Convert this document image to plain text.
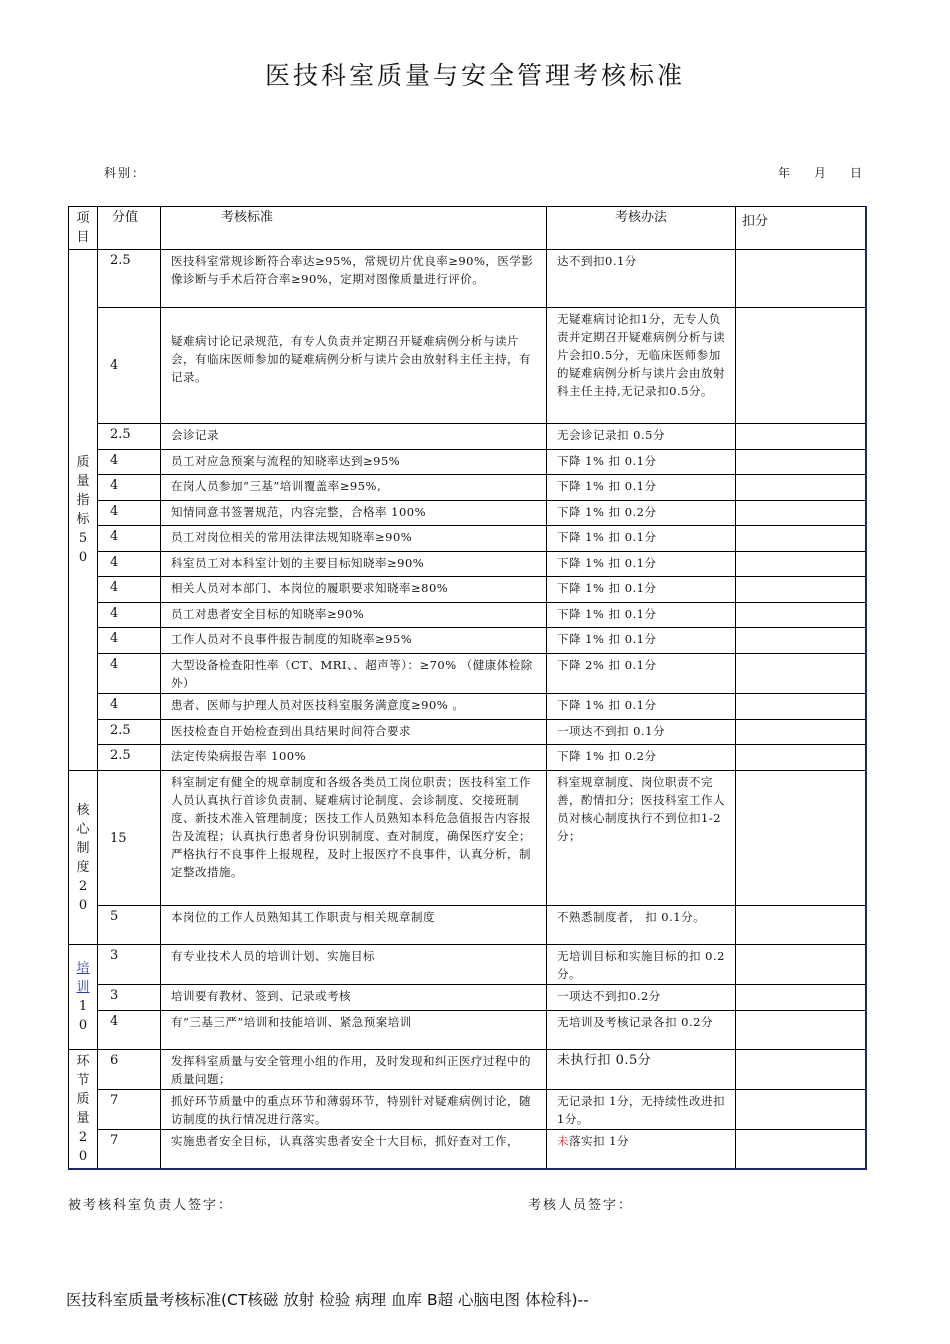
医技科室质量与安全管理考核标准
科别：	年 月 日
项目	分值	考核标准	考核办法	扣分
质量指标50	2.5	医技科室常规诊断符合率达≥95%，常规切片优良率≥90%，医学影像诊断与手术后符合率≥90%，定期对图像质量进行评价。	达不到扣0.1分	
	4	疑难病讨论记录规范，有专人负责并定期召开疑难病例分析与读片会，有临床医师参加的疑难病例分析与读片会由放射科主任主持，有记录。	无疑难病讨论扣1分，无专人负责并定期召开疑难病例分析与读片会扣0.5分，无临床医师参加的疑难病例分析与读片会由放射科主任主持,无记录扣0.5分。	
	2.5	会诊记录	无会诊记录扣 0.5分	
	4	员工对应急预案与流程的知晓率达到≥95%	下降 1% 扣 0.1分	
	4	在岗人员参加“三基”培训覆盖率≥95%,	下降 1% 扣 0.1分	
	4	知情同意书签署规范，内容完整，合格率 100%	下降 1% 扣 0.2分	
	4	员工对岗位相关的常用法律法规知晓率≥90%	下降 1% 扣 0.1分	
	4	科室员工对本科室计划的主要目标知晓率≥90%	下降 1% 扣 0.1分	
	4	相关人员对本部门、本岗位的履职要求知晓率≥80%	下降 1% 扣 0.1分	
	4	员工对患者安全目标的知晓率≥90%	下降 1% 扣 0.1分	
	4	工作人员对不良事件报告制度的知晓率≥95%	下降 1% 扣 0.1分	
	4	大型设备检查阳性率（CT、MRI、、超声等）：≥70% （健康体检除外）	下降 2% 扣 0.1分	
	4	患者、医师与护理人员对医技科室服务满意度≥90% 。	下降 1% 扣 0.1分	
	2.5	医技检查自开始检查到出具结果时间符合要求	一项达不到扣 0.1分	
	2.5	法定传染病报告率 100%	下降 1% 扣 0.2分	
核心制度20	15	科室制定有健全的规章制度和各级各类员工岗位职责；医技科室工作人员认真执行首诊负责制、疑难病讨论制度、会诊制度、交接班制度、新技术准入管理制度；医技工作人员熟知本科危急值报告内容报告及流程；认真执行患者身份识别制度、查对制度，确保医疗安全；严格执行不良事件上报规程，及时上报医疗不良事件，认真分析，制定整改措施。	科室规章制度、岗位职责不完善，酌情扣分；医技科室工作人员对核心制度执行不到位扣1-2分；	
	5	本岗位的工作人员熟知其工作职责与相关规章制度	不熟悉制度者， 扣 0.1分。	
培训10	3	有专业技术人员的培训计划、实施目标	无培训目标和实施目标的扣 0.2分。	
	3	培训要有教材、签到、记录或考核	一项达不到扣0.2分	
	4	有“三基三严”培训和技能培训、紧急预案培训	无培训及考核记录各扣 0.2分	
环节质量20	6	发挥科室质量与安全管理小组的作用，及时发现和纠正医疗过程中的质量问题；	未执行扣 0.5分	
	7	抓好环节质量中的重点环节和薄弱环节，特别针对疑难病例讨论，随访制度的执行情况进行落实。	无记录扣 1分，无持续性改进扣 1分。	
	7	实施患者安全目标，认真落实患者安全十大目标，抓好查对工作，	未落实扣 1分	
被考核科室负责人签字：	考核人员签字：
医技科室质量考核标准(CT核磁 放射 检验 病理 血库 B超 心脑电图 体检科)--
